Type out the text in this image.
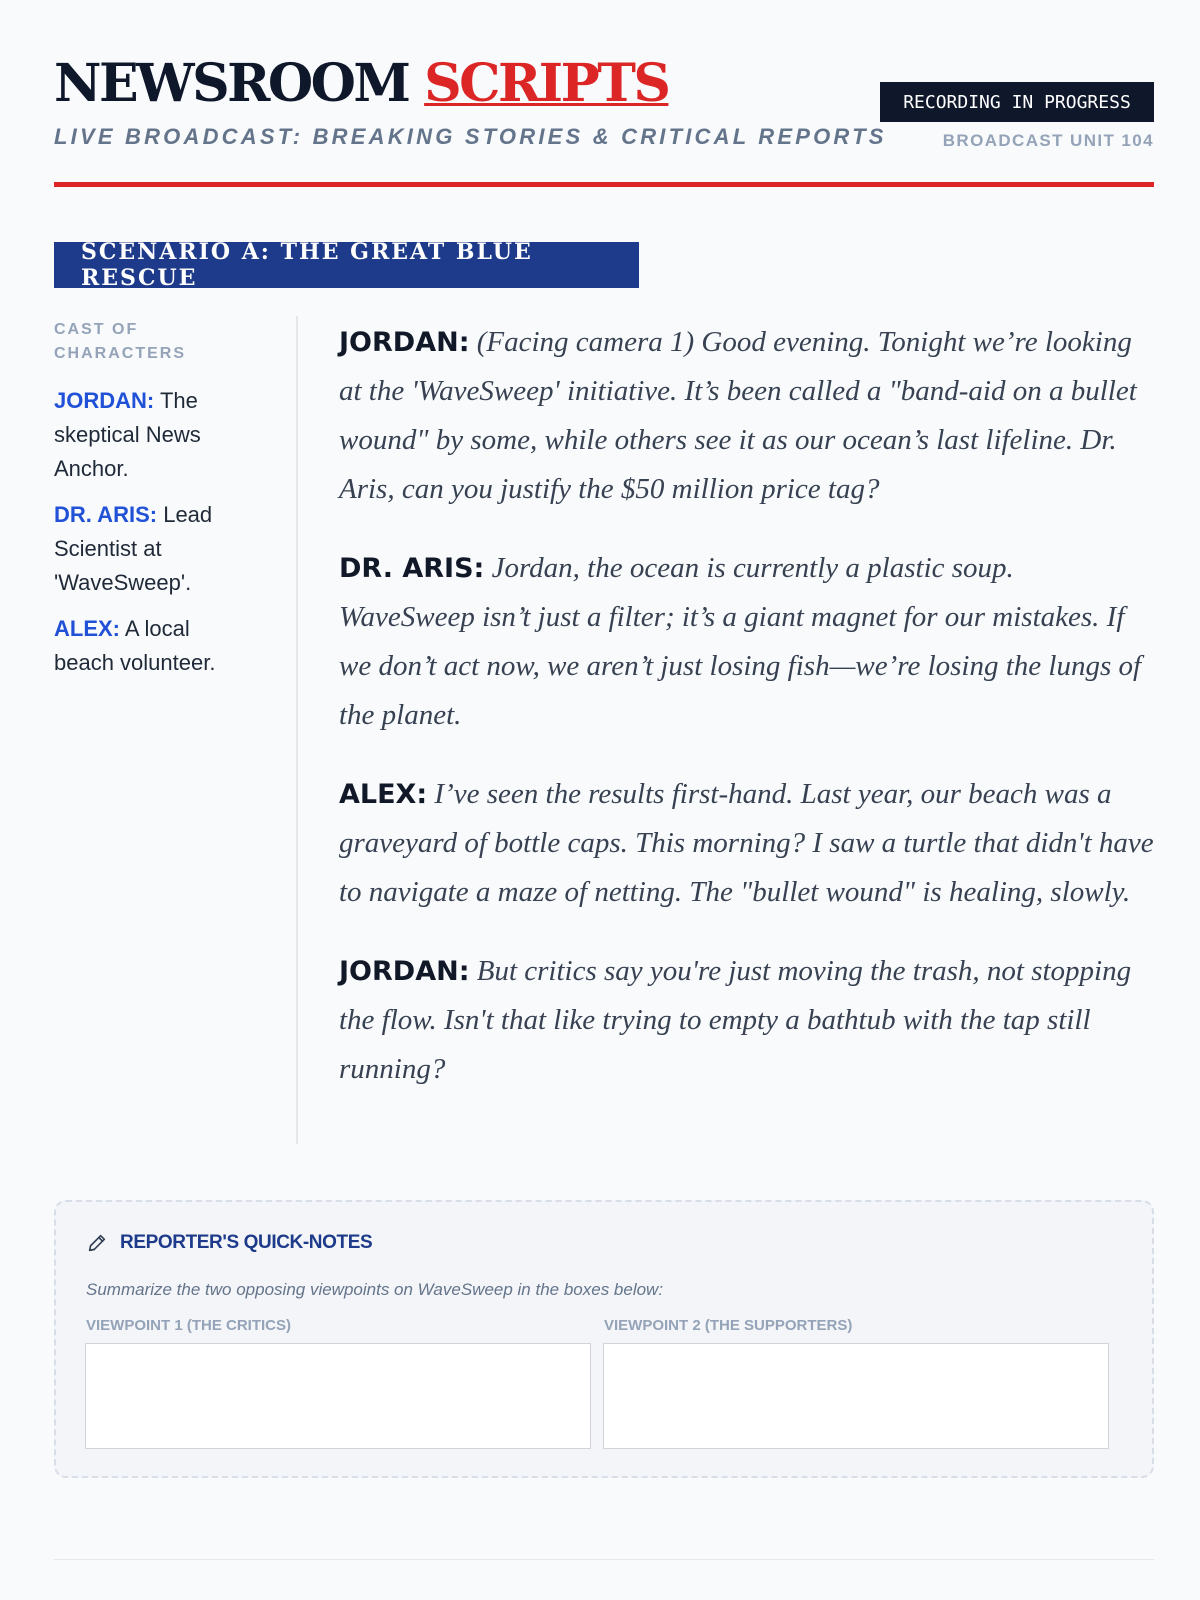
NEWSROOM SCRIPTS
LIVE BROADCAST: BREAKING STORIES & CRITICAL REPORTS
RECORDING IN PROGRESS
BROADCAST UNIT 104
SCENARIO A: THE GREAT BLUE RESCUE
CAST OF CHARACTERS
JORDAN: The skeptical News Anchor.
DR. ARIS: Lead Scientist at 'WaveSweep'.
ALEX: A local beach volunteer.
JORDAN: (Facing camera 1) Good evening. Tonight we’re looking at the 'WaveSweep' initiative. It’s been called a "band-aid on a bullet wound" by some, while others see it as our ocean’s last lifeline. Dr. Aris, can you justify the $50 million price tag?
DR. ARIS: Jordan, the ocean is currently a plastic soup. WaveSweep isn’t just a filter; it’s a giant magnet for our mistakes. If we don’t act now, we aren’t just losing fish—we’re losing the lungs of the planet.
ALEX: I’ve seen the results first-hand. Last year, our beach was a graveyard of bottle caps. This morning? I saw a turtle that didn't have to navigate a maze of netting. The "bullet wound" is healing, slowly.
JORDAN: But critics say you're just moving the trash, not stopping the flow. Isn't that like trying to empty a bathtub with the tap still running?
REPORTER'S QUICK-NOTES
Summarize the two opposing viewpoints on WaveSweep in the boxes below:
VIEWPOINT 1 (THE CRITICS)	VIEWPOINT 2 (THE SUPPORTERS)
